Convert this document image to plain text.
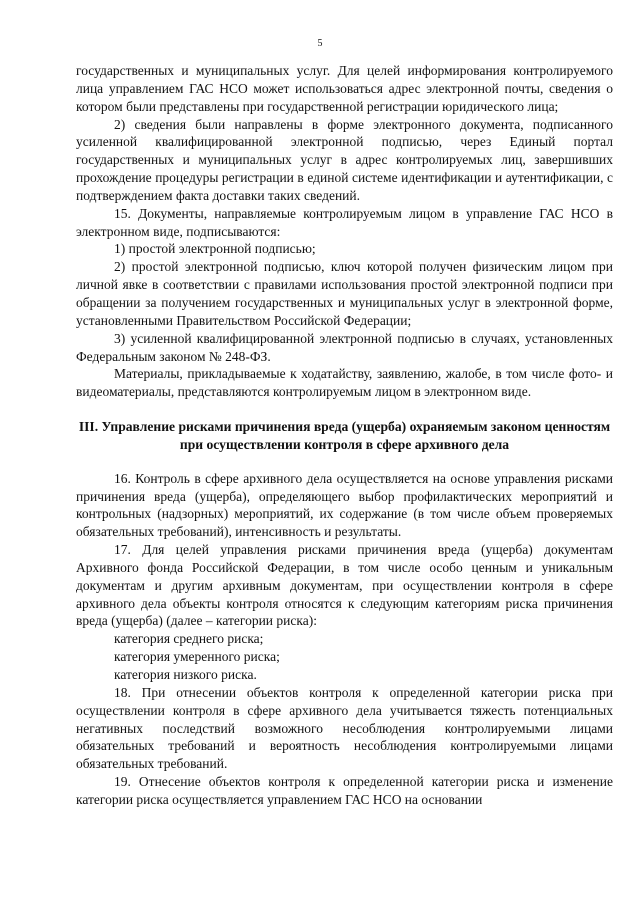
5

государственных и муниципальных услуг. Для целей информирования контролируемого лица управлением ГАС НСО может использоваться адрес электронной почты, сведения о котором были представлены при государственной регистрации юридического лица;

2) сведения были направлены в форме электронного документа, подписанного усиленной квалифицированной электронной подписью, через Единый портал государственных и муниципальных услуг в адрес контролируемых лиц, завершивших прохождение процедуры регистрации в единой системе идентификации и аутентификации, с подтверждением факта доставки таких сведений.

15. Документы, направляемые контролируемым лицом в управление ГАС НСО в электронном виде, подписываются:

1) простой электронной подписью;

2) простой электронной подписью, ключ которой получен физическим лицом при личной явке в соответствии с правилами использования простой электронной подписи при обращении за получением государственных и муниципальных услуг в электронной форме, установленными Правительством Российской Федерации;

3) усиленной квалифицированной электронной подписью в случаях, установленных Федеральным законом № 248-ФЗ.

Материалы, прикладываемые к ходатайству, заявлению, жалобе, в том числе фото- и видеоматериалы, представляются контролируемым лицом в электронном виде.

III. Управление рисками причинения вреда (ущерба) охраняемым законом ценностям при осуществлении контроля в сфере архивного дела

16. Контроль в сфере архивного дела осуществляется на основе управления рисками причинения вреда (ущерба), определяющего выбор профилактических мероприятий и контрольных (надзорных) мероприятий, их содержание (в том числе объем проверяемых обязательных требований), интенсивность и результаты.

17. Для целей управления рисками причинения вреда (ущерба) документам Архивного фонда Российской Федерации, в том числе особо ценным и уникальным документам и другим архивным документам, при осуществлении контроля в сфере архивного дела объекты контроля относятся к следующим категориям риска причинения вреда (ущерба) (далее – категории риска):

категория среднего риска;

категория умеренного риска;

категория низкого риска.

18. При отнесении объектов контроля к определенной категории риска при осуществлении контроля в сфере архивного дела учитывается тяжесть потенциальных негативных последствий возможного несоблюдения контролируемыми лицами обязательных требований и вероятность несоблюдения контролируемыми лицами обязательных требований.

19. Отнесение объектов контроля к определенной категории риска и изменение категории риска осуществляется управлением ГАС НСО на основании
